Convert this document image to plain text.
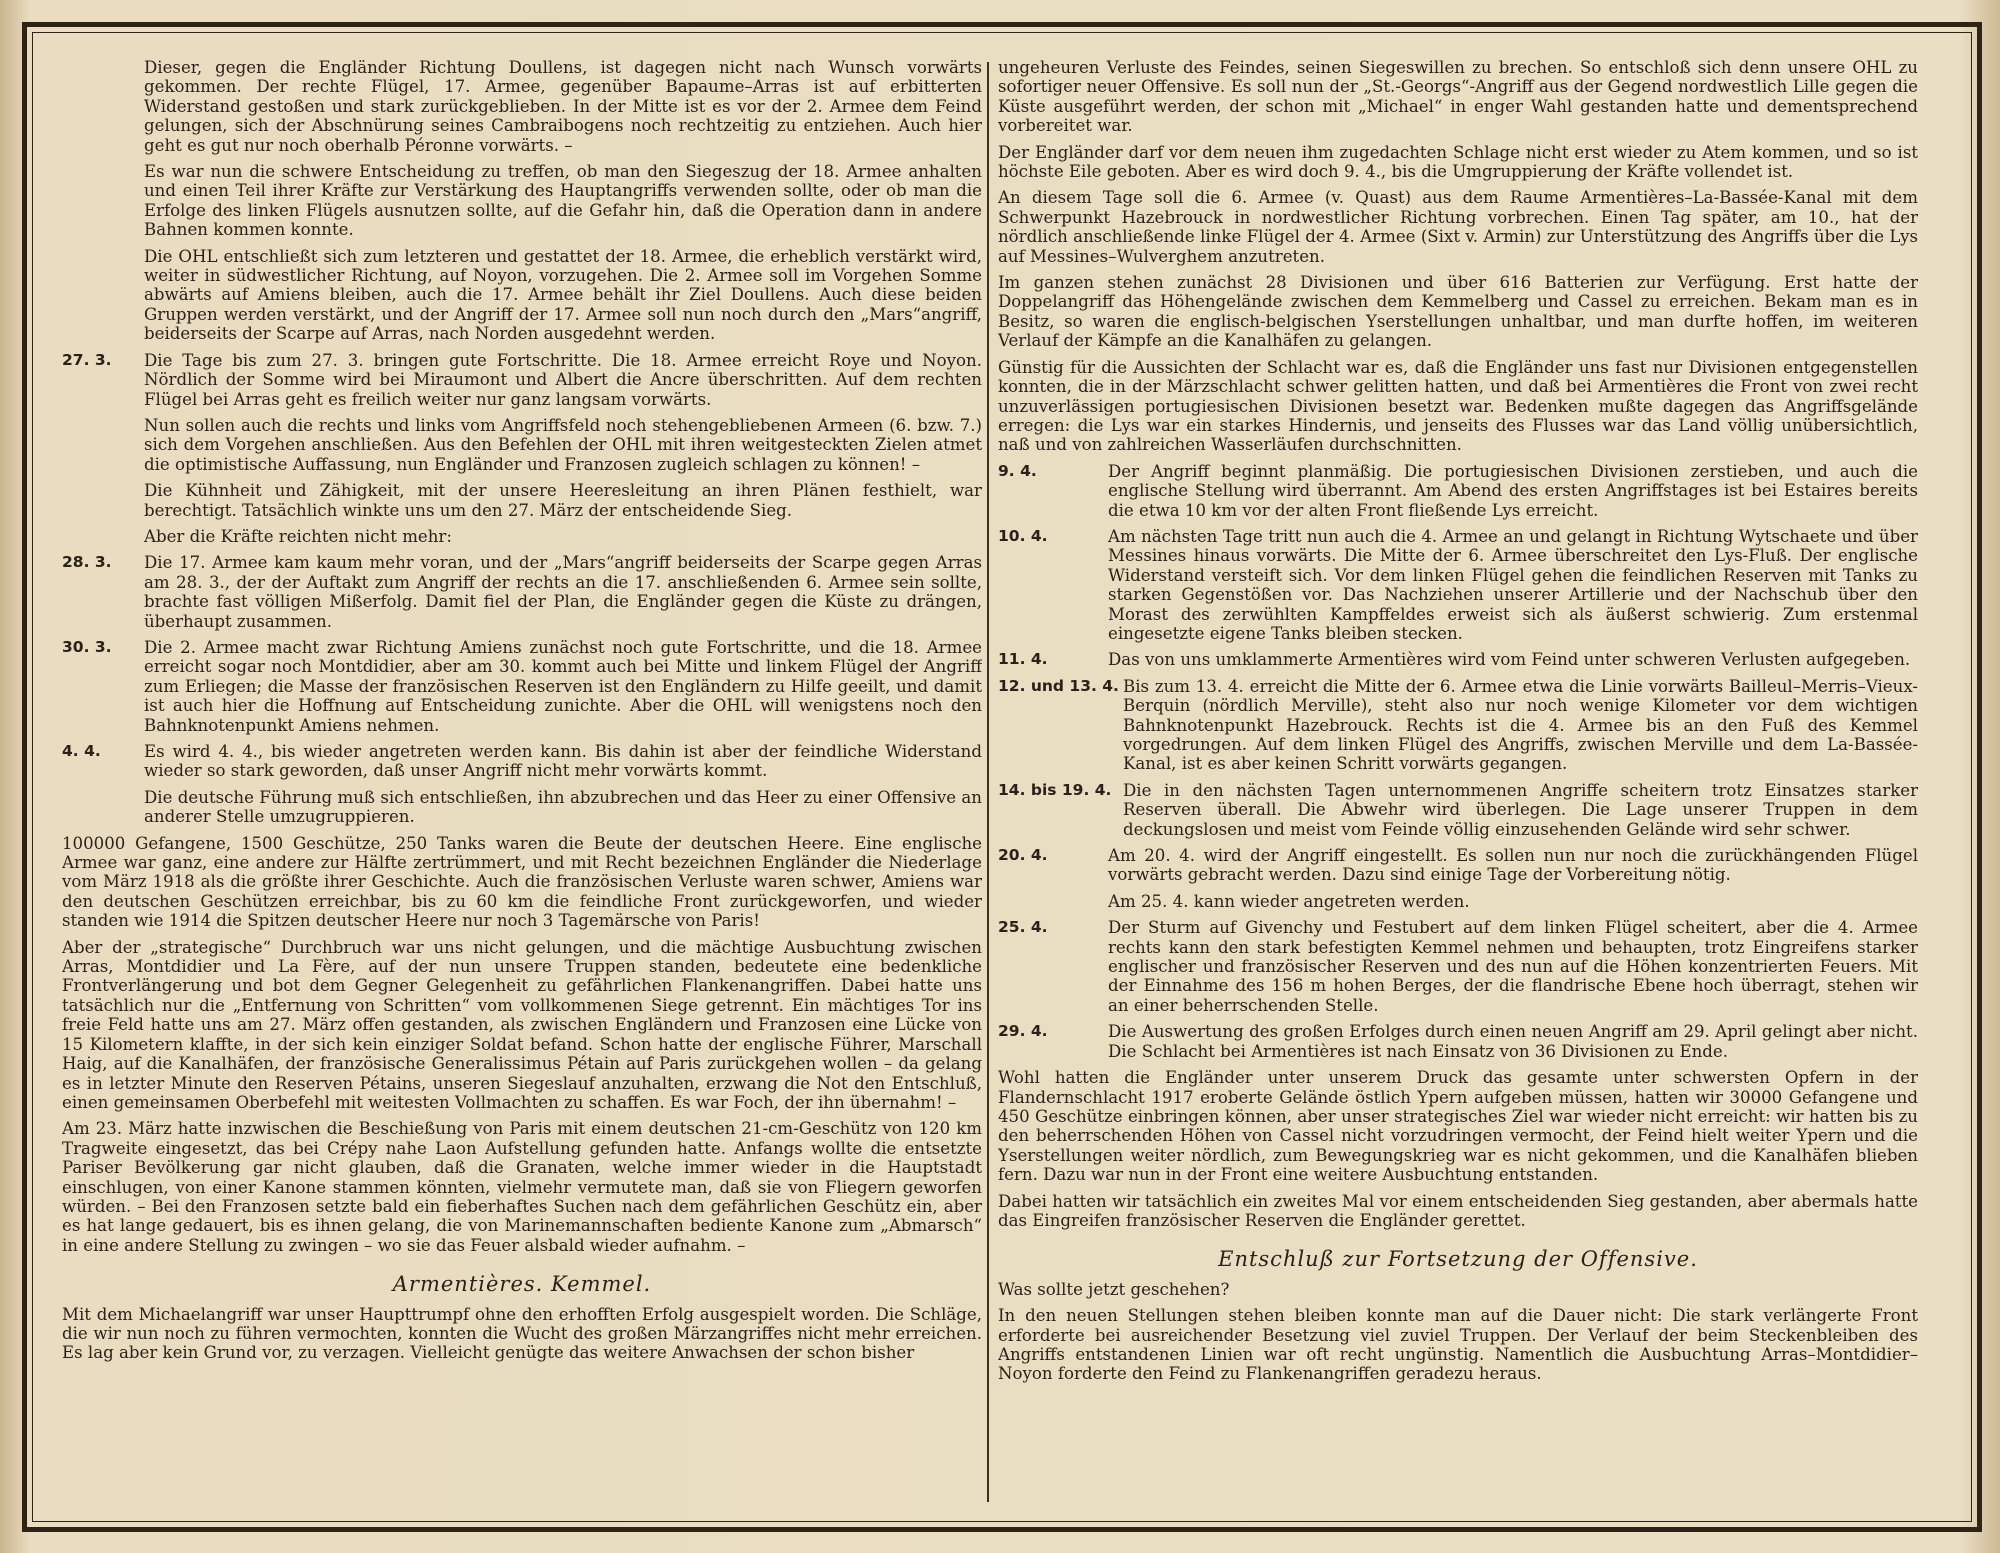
Dieser, gegen die Engländer Richtung Doullens, ist dagegen nicht nach Wunsch vorwärts gekommen. Der rechte Flügel, 17. Armee, gegenüber Bapaume–Arras ist auf erbitterten Widerstand gestoßen und stark zurückgeblieben. In der Mitte ist es vor der 2. Armee dem Feind gelungen, sich der Abschnürung seines Cambraibogens noch rechtzeitig zu entziehen. Auch hier geht es gut nur noch oberhalb Péronne vorwärts. –

Es war nun die schwere Entscheidung zu treffen, ob man den Siegeszug der 18. Armee anhalten und einen Teil ihrer Kräfte zur Verstärkung des Hauptangriffs verwenden sollte, oder ob man die Erfolge des linken Flügels ausnutzen sollte, auf die Gefahr hin, daß die Operation dann in andere Bahnen kommen konnte.

Die OHL entschließt sich zum letzteren und gestattet der 18. Armee, die erheblich verstärkt wird, weiter in südwestlicher Richtung, auf Noyon, vorzugehen. Die 2. Armee soll im Vorgehen Somme abwärts auf Amiens bleiben, auch die 17. Armee behält ihr Ziel Doullens. Auch diese beiden Gruppen werden verstärkt, und der Angriff der 17. Armee soll nun noch durch den „Mars“angriff, beiderseits der Scarpe auf Arras, nach Norden ausgedehnt werden.

27. 3.	Die Tage bis zum 27. 3. bringen gute Fortschritte. Die 18. Armee erreicht Roye und Noyon. Nördlich der Somme wird bei Miraumont und Albert die Ancre überschritten. Auf dem rechten Flügel bei Arras geht es freilich weiter nur ganz langsam vorwärts.

Nun sollen auch die rechts und links vom Angriffsfeld noch stehengebliebenen Armeen (6. bzw. 7.) sich dem Vorgehen anschließen. Aus den Befehlen der OHL mit ihren weitgesteckten Zielen atmet die optimistische Auffassung, nun Engländer und Franzosen zugleich schlagen zu können! –

Die Kühnheit und Zähigkeit, mit der unsere Heeresleitung an ihren Plänen festhielt, war berechtigt. Tatsächlich winkte uns um den 27. März der entscheidende Sieg.

Aber die Kräfte reichten nicht mehr:

28. 3.	Die 17. Armee kam kaum mehr voran, und der „Mars“angriff beiderseits der Scarpe gegen Arras am 28. 3., der der Auftakt zum Angriff der rechts an die 17. anschließenden 6. Armee sein sollte, brachte fast völligen Mißerfolg. Damit fiel der Plan, die Engländer gegen die Küste zu drängen, überhaupt zusammen.
30. 3.	Die 2. Armee macht zwar Richtung Amiens zunächst noch gute Fortschritte, und die 18. Armee erreicht sogar noch Montdidier, aber am 30. kommt auch bei Mitte und linkem Flügel der Angriff zum Erliegen; die Masse der französischen Reserven ist den Engländern zu Hilfe geeilt, und damit ist auch hier die Hoffnung auf Entscheidung zunichte. Aber die OHL will wenigstens noch den Bahnknotenpunkt Amiens nehmen.
4. 4.	Es wird 4. 4., bis wieder angetreten werden kann. Bis dahin ist aber der feindliche Widerstand wieder so stark geworden, daß unser Angriff nicht mehr vorwärts kommt.

Die deutsche Führung muß sich entschließen, ihn abzubrechen und das Heer zu einer Offensive an anderer Stelle umzugruppieren.

100000 Gefangene, 1500 Geschütze, 250 Tanks waren die Beute der deutschen Heere. Eine englische Armee war ganz, eine andere zur Hälfte zertrümmert, und mit Recht bezeichnen Engländer die Niederlage vom März 1918 als die größte ihrer Geschichte. Auch die französischen Verluste waren schwer, Amiens war den deutschen Geschützen erreichbar, bis zu 60 km die feindliche Front zurückgeworfen, und wieder standen wie 1914 die Spitzen deutscher Heere nur noch 3 Tagemärsche von Paris!

Aber der „strategische“ Durchbruch war uns nicht gelungen, und die mächtige Ausbuchtung zwischen Arras, Montdidier und La Fère, auf der nun unsere Truppen standen, bedeutete eine bedenkliche Frontverlängerung und bot dem Gegner Gelegenheit zu gefährlichen Flankenangriffen. Dabei hatte uns tatsächlich nur die „Entfernung von Schritten“ vom vollkommenen Siege getrennt. Ein mächtiges Tor ins freie Feld hatte uns am 27. März offen gestanden, als zwischen Engländern und Franzosen eine Lücke von 15 Kilometern klaffte, in der sich kein einziger Soldat befand. Schon hatte der englische Führer, Marschall Haig, auf die Kanalhäfen, der französische Generalissimus Pétain auf Paris zurückgehen wollen – da gelang es in letzter Minute den Reserven Pétains, unseren Siegeslauf anzuhalten, erzwang die Not den Entschluß, einen gemeinsamen Oberbefehl mit weitesten Vollmachten zu schaffen. Es war Foch, der ihn übernahm! –

Am 23. März hatte inzwischen die Beschießung von Paris mit einem deutschen 21-cm-Geschütz von 120 km Tragweite eingesetzt, das bei Crépy nahe Laon Aufstellung gefunden hatte. Anfangs wollte die entsetzte Pariser Bevölkerung gar nicht glauben, daß die Granaten, welche immer wieder in die Hauptstadt einschlugen, von einer Kanone stammen könnten, vielmehr vermutete man, daß sie von Fliegern geworfen würden. – Bei den Franzosen setzte bald ein fieberhaftes Suchen nach dem gefährlichen Geschütz ein, aber es hat lange gedauert, bis es ihnen gelang, die von Marinemannschaften bediente Kanone zum „Abmarsch“ in eine andere Stellung zu zwingen – wo sie das Feuer alsbald wieder aufnahm. –

Armentières. Kemmel.

Mit dem Michaelangriff war unser Haupttrumpf ohne den erhofften Erfolg ausgespielt worden. Die Schläge, die wir nun noch zu führen vermochten, konnten die Wucht des großen Märzangriffes nicht mehr erreichen. Es lag aber kein Grund vor, zu verzagen. Vielleicht genügte das weitere Anwachsen der schon bisher

ungeheuren Verluste des Feindes, seinen Siegeswillen zu brechen. So entschloß sich denn unsere OHL zu sofortiger neuer Offensive. Es soll nun der „St.-Georgs“-Angriff aus der Gegend nordwestlich Lille gegen die Küste ausgeführt werden, der schon mit „Michael“ in enger Wahl gestanden hatte und dementsprechend vorbereitet war.

Der Engländer darf vor dem neuen ihm zugedachten Schlage nicht erst wieder zu Atem kommen, und so ist höchste Eile geboten. Aber es wird doch 9. 4., bis die Umgruppierung der Kräfte vollendet ist.

An diesem Tage soll die 6. Armee (v. Quast) aus dem Raume Armentières–La-Bassée-Kanal mit dem Schwerpunkt Hazebrouck in nordwestlicher Richtung vorbrechen. Einen Tag später, am 10., hat der nördlich anschließende linke Flügel der 4. Armee (Sixt v. Armin) zur Unterstützung des Angriffs über die Lys auf Messines–Wulverghem anzutreten.

Im ganzen stehen zunächst 28 Divisionen und über 616 Batterien zur Verfügung. Erst hatte der Doppelangriff das Höhengelände zwischen dem Kemmelberg und Cassel zu erreichen. Bekam man es in Besitz, so waren die englisch-belgischen Yserstellungen unhaltbar, und man durfte hoffen, im weiteren Verlauf der Kämpfe an die Kanalhäfen zu gelangen.

Günstig für die Aussichten der Schlacht war es, daß die Engländer uns fast nur Divisionen entgegenstellen konnten, die in der Märzschlacht schwer gelitten hatten, und daß bei Armentières die Front von zwei recht unzuverlässigen portugiesischen Divisionen besetzt war. Bedenken mußte dagegen das Angriffsgelände erregen: die Lys war ein starkes Hindernis, und jenseits des Flusses war das Land völlig unübersichtlich, naß und von zahlreichen Wasserläufen durchschnitten.

9. 4.	Der Angriff beginnt planmäßig. Die portugiesischen Divisionen zerstieben, und auch die englische Stellung wird überrannt. Am Abend des ersten Angriffstages ist bei Estaires bereits die etwa 10 km vor der alten Front fließende Lys erreicht.
10. 4.	Am nächsten Tage tritt nun auch die 4. Armee an und gelangt in Richtung Wytschaete und über Messines hinaus vorwärts. Die Mitte der 6. Armee überschreitet den Lys-Fluß. Der englische Widerstand versteift sich. Vor dem linken Flügel gehen die feindlichen Reserven mit Tanks zu starken Gegenstößen vor. Das Nachziehen unserer Artillerie und der Nachschub über den Morast des zerwühlten Kampffeldes erweist sich als äußerst schwierig. Zum erstenmal eingesetzte eigene Tanks bleiben stecken.
11. 4.	Das von uns umklammerte Armentières wird vom Feind unter schweren Verlusten aufgegeben.
12. und 13. 4. Bis zum 13. 4. erreicht die Mitte der 6. Armee etwa die Linie vorwärts Bailleul–Merris–Vieux-Berquin (nördlich Merville), steht also nur noch wenige Kilometer vor dem wichtigen Bahnknotenpunkt Hazebrouck. Rechts ist die 4. Armee bis an den Fuß des Kemmel vorgedrungen. Auf dem linken Flügel des Angriffs, zwischen Merville und dem La-Bassée-Kanal, ist es aber keinen Schritt vorwärts gegangen.
14. bis 19. 4. Die in den nächsten Tagen unternommenen Angriffe scheitern trotz Einsatzes starker Reserven überall. Die Abwehr wird überlegen. Die Lage unserer Truppen in dem deckungslosen und meist vom Feinde völlig einzusehenden Gelände wird sehr schwer.
20. 4.	Am 20. 4. wird der Angriff eingestellt. Es sollen nun nur noch die zurückhängenden Flügel vorwärts gebracht werden. Dazu sind einige Tage der Vorbereitung nötig.

Am 25. 4. kann wieder angetreten werden.

25. 4.	Der Sturm auf Givenchy und Festubert auf dem linken Flügel scheitert, aber die 4. Armee rechts kann den stark befestigten Kemmel nehmen und behaupten, trotz Eingreifens starker englischer und französischer Reserven und des nun auf die Höhen konzentrierten Feuers. Mit der Einnahme des 156 m hohen Berges, der die flandrische Ebene hoch überragt, stehen wir an einer beherrschenden Stelle.
29. 4.	Die Auswertung des großen Erfolges durch einen neuen Angriff am 29. April gelingt aber nicht. Die Schlacht bei Armentières ist nach Einsatz von 36 Divisionen zu Ende.

Wohl hatten die Engländer unter unserem Druck das gesamte unter schwersten Opfern in der Flandernschlacht 1917 eroberte Gelände östlich Ypern aufgeben müssen, hatten wir 30000 Gefangene und 450 Geschütze einbringen können, aber unser strategisches Ziel war wieder nicht erreicht: wir hatten bis zu den beherrschenden Höhen von Cassel nicht vorzudringen vermocht, der Feind hielt weiter Ypern und die Yserstellungen weiter nördlich, zum Bewegungskrieg war es nicht gekommen, und die Kanalhäfen blieben fern. Dazu war nun in der Front eine weitere Ausbuchtung entstanden.

Dabei hatten wir tatsächlich ein zweites Mal vor einem entscheidenden Sieg gestanden, aber abermals hatte das Eingreifen französischer Reserven die Engländer gerettet.

Entschluß zur Fortsetzung der Offensive.

Was sollte jetzt geschehen?

In den neuen Stellungen stehen bleiben konnte man auf die Dauer nicht: Die stark verlängerte Front erforderte bei ausreichender Besetzung viel zuviel Truppen. Der Verlauf der beim Steckenbleiben des Angriffs entstandenen Linien war oft recht ungünstig. Namentlich die Ausbuchtung Arras–Montdidier–Noyon forderte den Feind zu Flankenangriffen geradezu heraus.
